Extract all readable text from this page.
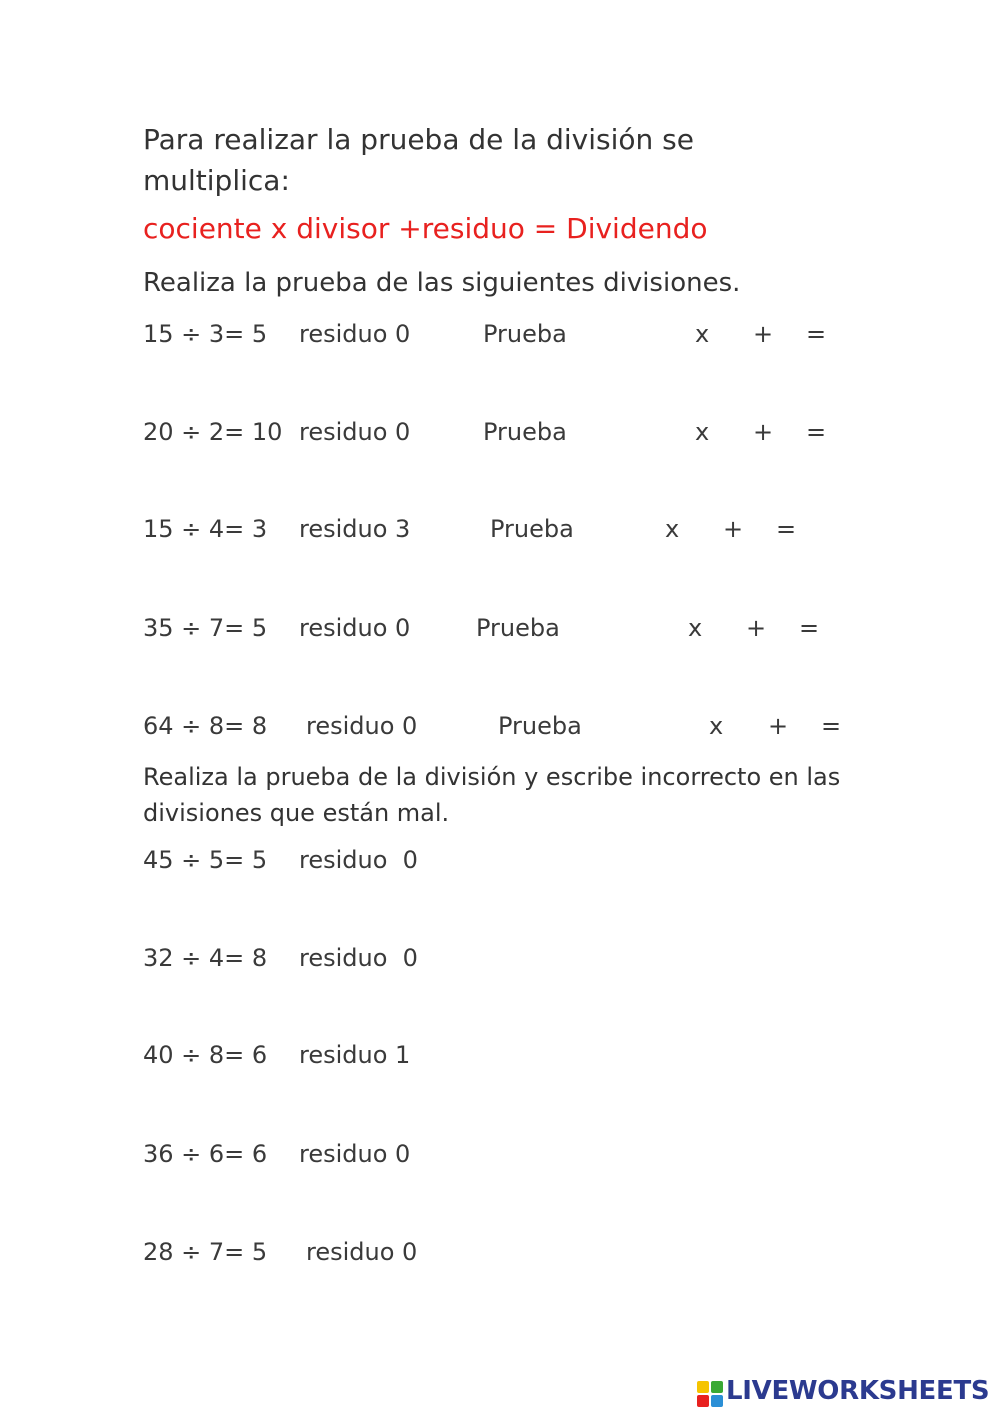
Para realizar la prueba de la división se
multiplica:
cociente x divisor +residuo = Dividendo
Realiza la prueba de las siguientes divisiones.
15 ÷ 3= 5 residuo 0	Prueba	x + =
20 ÷ 2= 10 residuo 0	Prueba	x + =
15 ÷ 4= 3 residuo 3	Prueba	x + =
35 ÷ 7= 5 residuo 0	Prueba	x + =
64 ÷ 8= 8 residuo 0	Prueba	x + =
Realiza la prueba de la división y escribe incorrecto en las divisiones que están mal.
45 ÷ 5= 5 residuo  0
32 ÷ 4= 8 residuo  0
40 ÷ 8= 6 residuo 1
36 ÷ 6= 6 residuo 0
28 ÷ 7= 5 residuo 0
LIVEWORKSHEETS
